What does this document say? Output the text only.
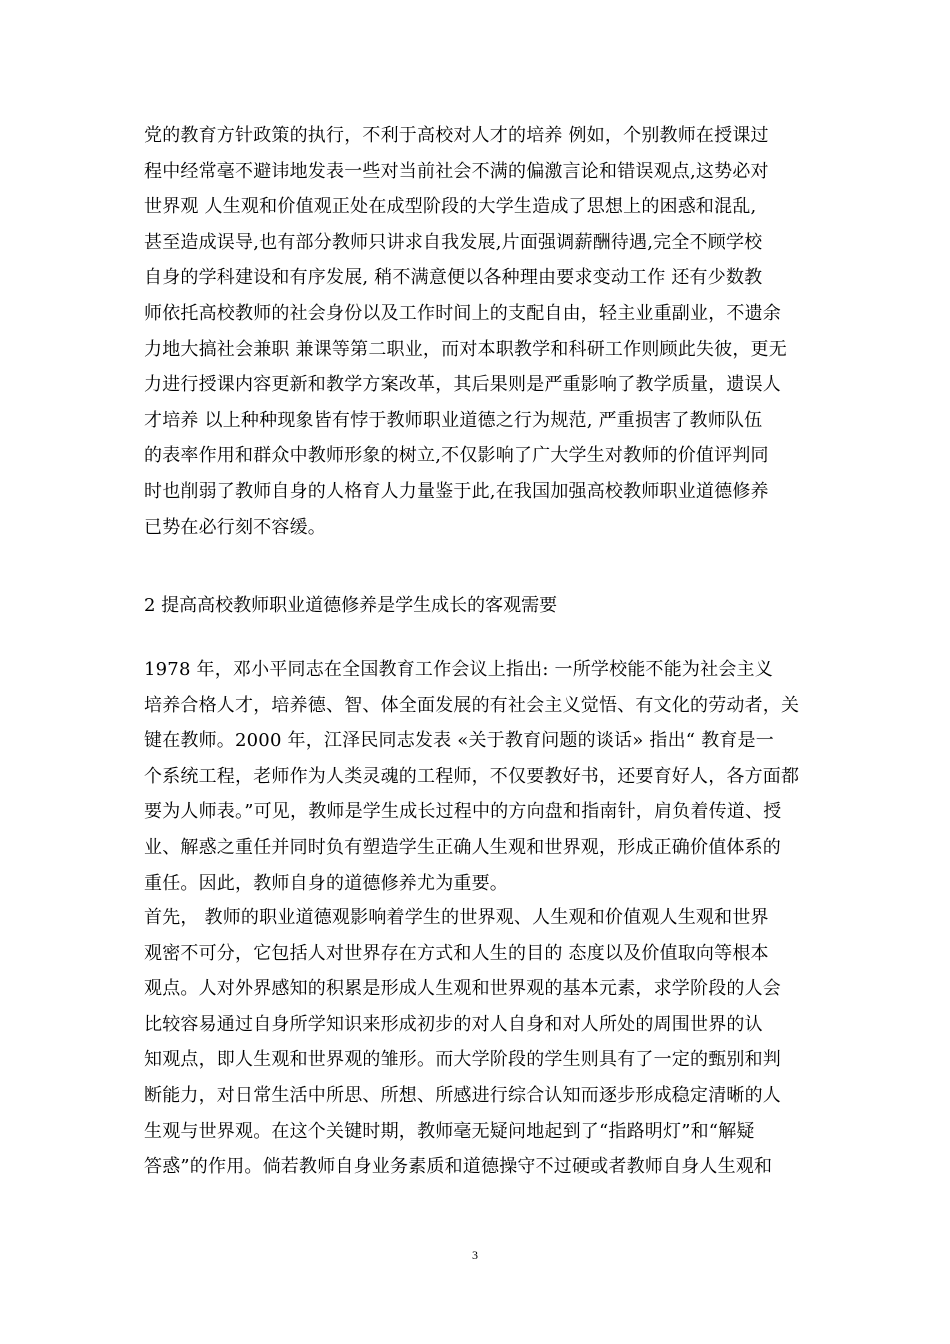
党的教育方针政策的执行，不利于高校对人才的培养 例如，个别教师在授课过
程中经常毫不避讳地发表一些对当前社会不满的偏激言论和错误观点,这势必对
世界观 人生观和价值观正处在成型阶段的大学生造成了思想上的困惑和混乱,
甚至造成误导,也有部分教师只讲求自我发展,片面强调薪酬待遇,完全不顾学校
自身的学科建设和有序发展, 稍不满意便以各种理由要求变动工作 还有少数教
师依托高校教师的社会身份以及工作时间上的支配自由，轻主业重副业，不遗余
力地大搞社会兼职 兼课等第二职业，而对本职教学和科研工作则顾此失彼，更无
力进行授课内容更新和教学方案改革，其后果则是严重影响了教学质量，遗误人
才培养 以上种种现象皆有悖于教师职业道德之行为规范, 严重损害了教师队伍
的表率作用和群众中教师形象的树立,不仅影响了广大学生对教师的价值评判同
时也削弱了教师自身的人格育人力量鉴于此,在我国加强高校教师职业道德修养
已势在必行刻不容缓。
2 提高高校教师职业道德修养是学生成长的客观需要
1978 年，邓小平同志在全国教育工作会议上指出: 一所学校能不能为社会主义
培养合格人才，培养德、智、体全面发展的有社会主义觉悟、有文化的劳动者，关
键在教师。2000 年，江泽民同志发表 «关于教育问题的谈话» 指出“ 教育是一
个系统工程，老师作为人类灵魂的工程师，不仅要教好书，还要育好人，各方面都
要为人师表。”可见，教师是学生成长过程中的方向盘和指南针，肩负着传道、授
业、解惑之重任并同时负有塑造学生正确人生观和世界观，形成正确价值体系的
重任。因此，教师自身的道德修养尤为重要。
首先， 教师的职业道德观影响着学生的世界观、人生观和价值观人生观和世界
观密不可分，它包括人对世界存在方式和人生的目的 态度以及价值取向等根本
观点。人对外界感知的积累是形成人生观和世界观的基本元素，求学阶段的人会
比较容易通过自身所学知识来形成初步的对人自身和对人所处的周围世界的认
知观点，即人生观和世界观的雏形。而大学阶段的学生则具有了一定的甄别和判
断能力，对日常生活中所思、所想、所感进行综合认知而逐步形成稳定清晰的人
生观与世界观。在这个关键时期，教师毫无疑问地起到了“指路明灯”和“解疑
答惑”的作用。倘若教师自身业务素质和道德操守不过硬或者教师自身人生观和
3
